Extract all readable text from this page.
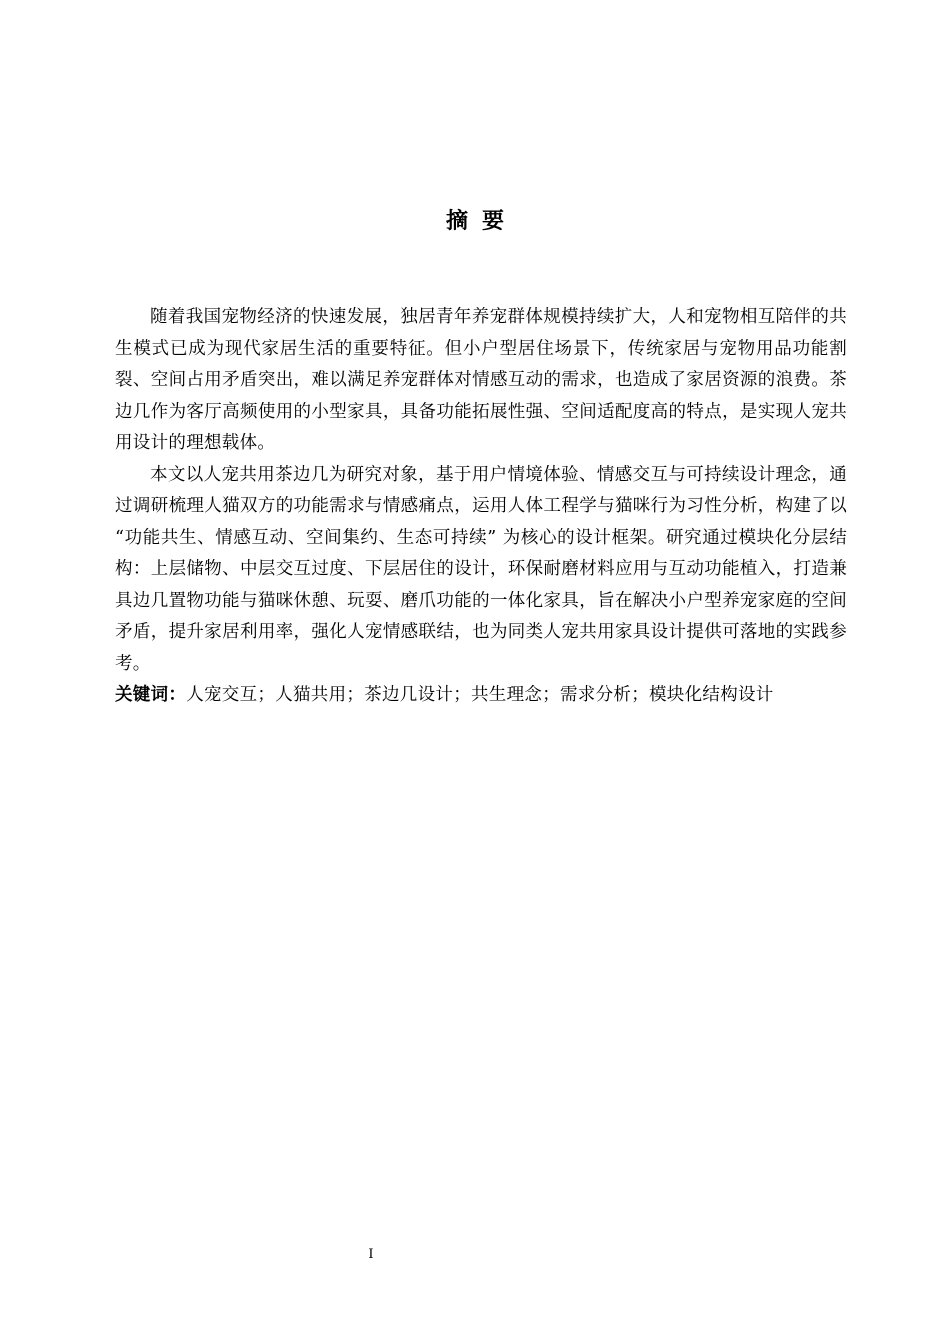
摘要

随着我国宠物经济的快速发展，独居青年养宠群体规模持续扩大，人和宠物相互陪伴的共生模式已成为现代家居生活的重要特征。但小户型居住场景下，传统家居与宠物用品功能割裂、空间占用矛盾突出，难以满足养宠群体对情感互动的需求，也造成了家居资源的浪费。茶边几作为客厅高频使用的小型家具，具备功能拓展性强、空间适配度高的特点，是实现人宠共用设计的理想载体。

本文以人宠共用茶边几为研究对象，基于用户情境体验、情感交互与可持续设计理念，通过调研梳理人猫双方的功能需求与情感痛点，运用人体工程学与猫咪行为习性分析，构建了以 “功能共生、情感互动、空间集约、生态可持续” 为核心的设计框架。研究通过模块化分层结构：上层储物、中层交互过度、下层居住的设计，环保耐磨材料应用与互动功能植入，打造兼具边几置物功能与猫咪休憩、玩耍、磨爪功能的一体化家具，旨在解决小户型养宠家庭的空间矛盾，提升家居利用率，强化人宠情感联结，也为同类人宠共用家具设计提供可落地的实践参考。

关键词：人宠交互；人猫共用；茶边几设计；共生理念；需求分析；模块化结构设计

I
